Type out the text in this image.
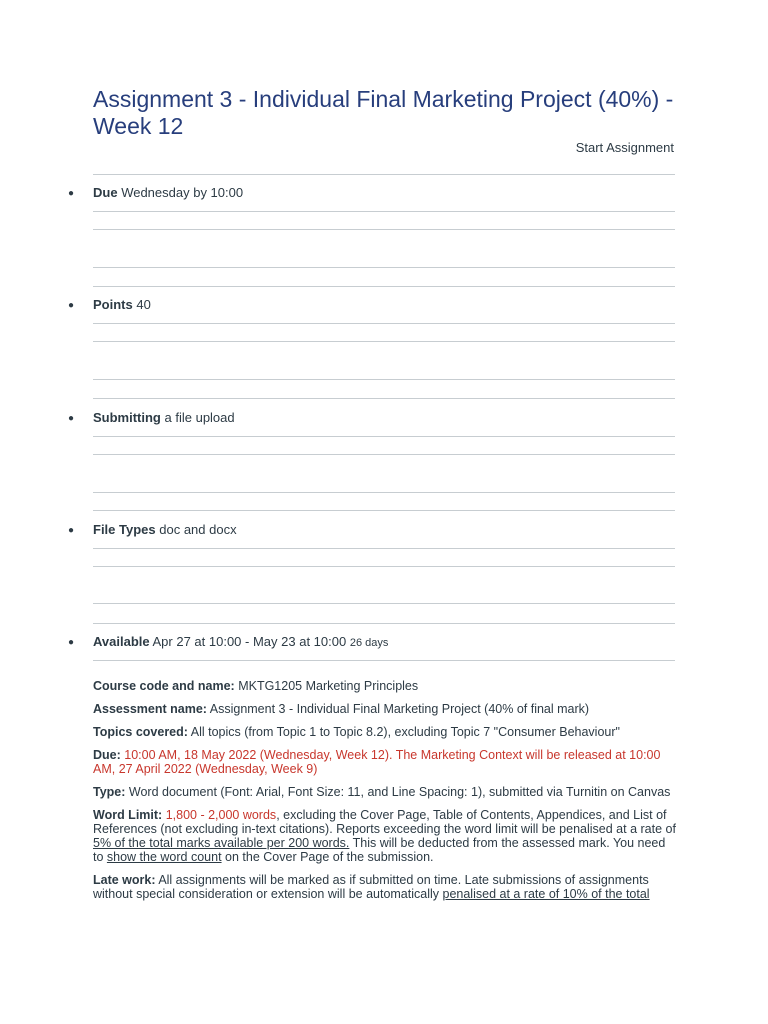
Assignment 3 - Individual Final Marketing Project (40%) - Week 12
Start Assignment
● Due Wednesday by 10:00
● Points 40
● Submitting a file upload
● File Types doc and docx
● Available Apr 27 at 10:00 - May 23 at 10:00 26 days

Course code and name: MKTG1205 Marketing Principles

Assessment name: Assignment 3 - Individual Final Marketing Project (40% of final mark)

Topics covered: All topics (from Topic 1 to Topic 8.2), excluding Topic 7 "Consumer Behaviour"

Due: 10:00 AM, 18 May 2022 (Wednesday, Week 12). The Marketing Context will be released at 10:00 AM, 27 April 2022 (Wednesday, Week 9)

Type: Word document (Font: Arial, Font Size: 11, and Line Spacing: 1), submitted via Turnitin on Canvas

Word Limit: 1,800 - 2,000 words, excluding the Cover Page, Table of Contents, Appendices, and List of References (not excluding in-text citations). Reports exceeding the word limit will be penalised at a rate of 5% of the total marks available per 200 words. This will be deducted from the assessed mark. You need to show the word count on the Cover Page of the submission.

Late work: All assignments will be marked as if submitted on time. Late submissions of assignments without special consideration or extension will be automatically penalised at a rate of 10% of the total
